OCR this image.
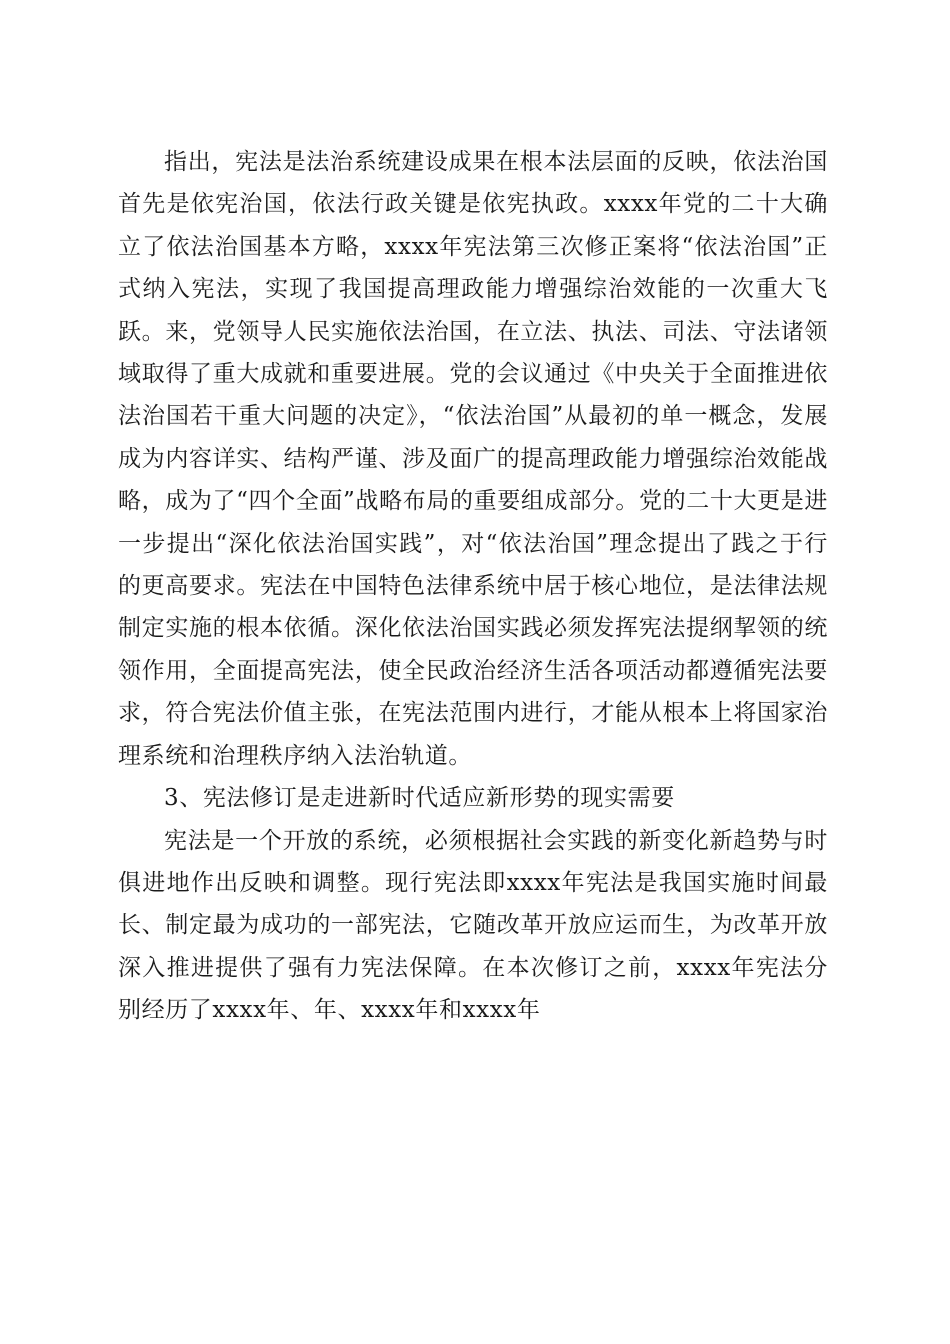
指出，宪法是法治系统建设成果在根本法层面的反映，依法治国首先是依宪治国，依法行政关键是依宪执政。xxxx年党的二十大确立了依法治国基本方略，xxxx年宪法第三次修正案将“依法治国”正式纳入宪法，实现了我国提高理政能力增强综治效能的一次重大飞跃。来，党领导人民实施依法治国，在立法、执法、司法、守法诸领域取得了重大成就和重要进展。党的会议通过《中央关于全面推进依法治国若干重大问题的决定》，“依法治国”从最初的单一概念，发展成为内容详实、结构严谨、涉及面广的提高理政能力增强综治效能战略，成为了“四个全面”战略布局的重要组成部分。党的二十大更是进一步提出“深化依法治国实践”，对“依法治国”理念提出了践之于行的更高要求。宪法在中国特色法律系统中居于核心地位，是法律法规制定实施的根本依循。深化依法治国实践必须发挥宪法提纲挈领的统领作用，全面提高宪法，使全民政治经济生活各项活动都遵循宪法要求，符合宪法价值主张，在宪法范围内进行，才能从根本上将国家治理系统和治理秩序纳入法治轨道。

3、宪法修订是走进新时代适应新形势的现实需要

宪法是一个开放的系统，必须根据社会实践的新变化新趋势与时俱进地作出反映和调整。现行宪法即xxxx年宪法是我国实施时间最长、制定最为成功的一部宪法，它随改革开放应运而生，为改革开放深入推进提供了强有力宪法保障。在本次修订之前，xxxx年宪法分别经历了xxxx年、年、xxxx年和xxxx年
